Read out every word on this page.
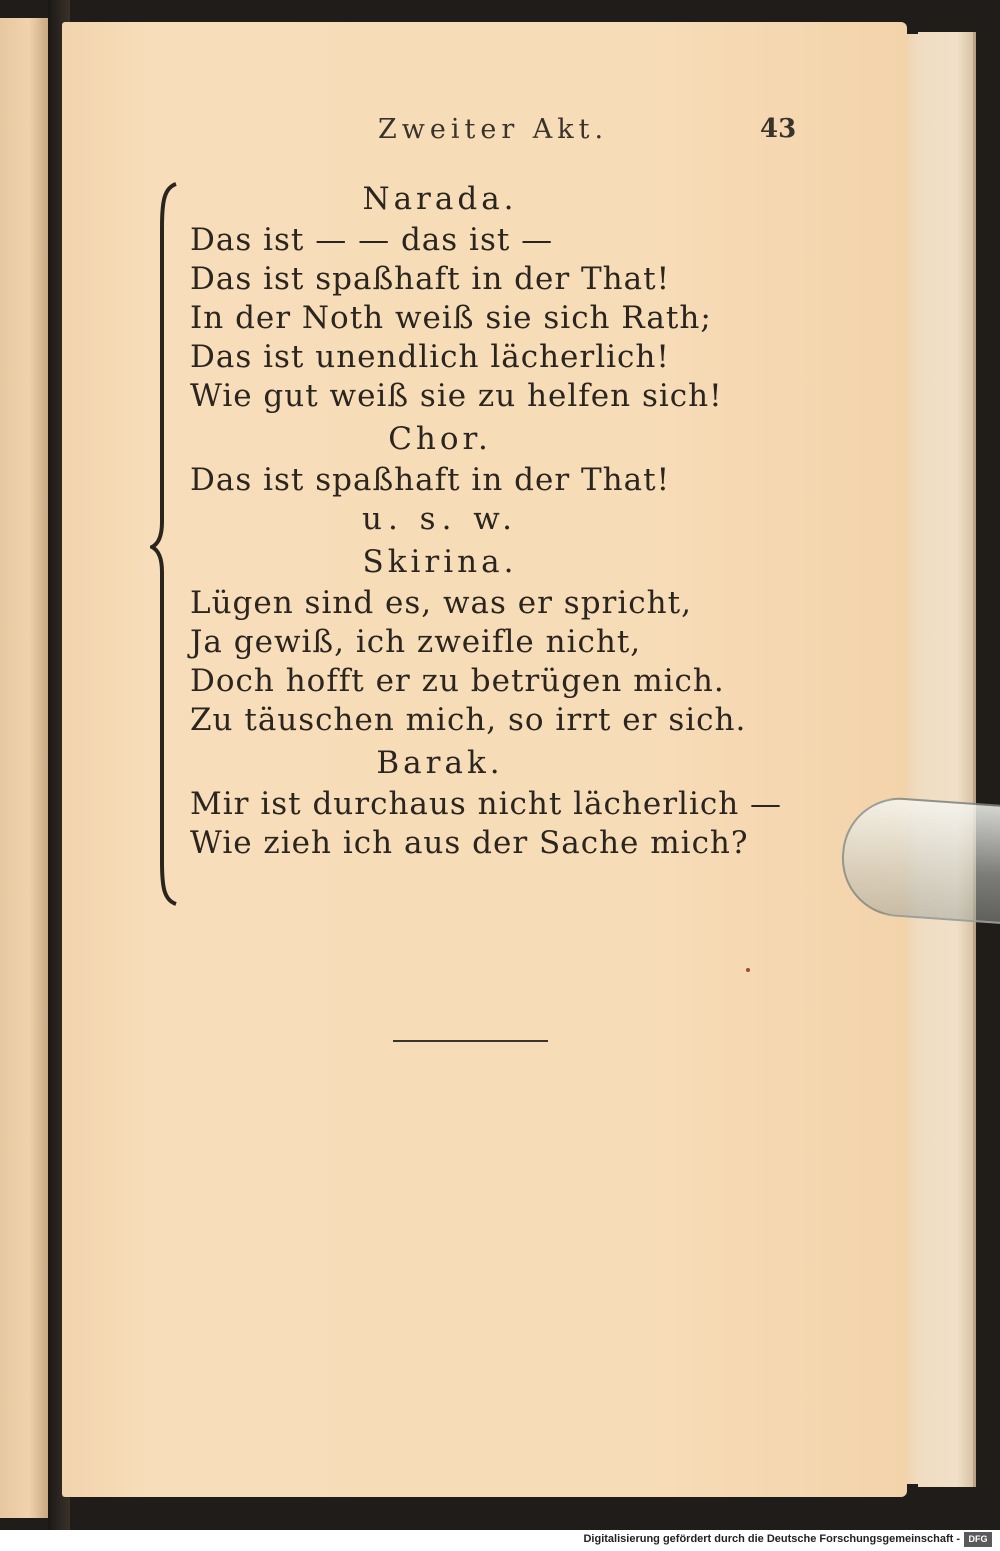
Zweiter Akt.	43
Narada.
Das ist — — das ist —
Das ist spaßhaft in der That!
In der Noth weiß sie sich Rath;
Das ist unendlich lächerlich!
Wie gut weiß sie zu helfen sich!
Chor.
Das ist spaßhaft in der That!
u. s. w.
Skirina.
Lügen sind es, was er spricht,
Ja gewiß, ich zweifle nicht,
Doch hofft er zu betrügen mich.
Zu täuschen mich, so irrt er sich.
Barak.
Mir ist durchaus nicht lächerlich —
Wie zieh ich aus der Sache mich?
Digitalisierung gefördert durch die Deutsche Forschungsgemeinschaft - DFG
